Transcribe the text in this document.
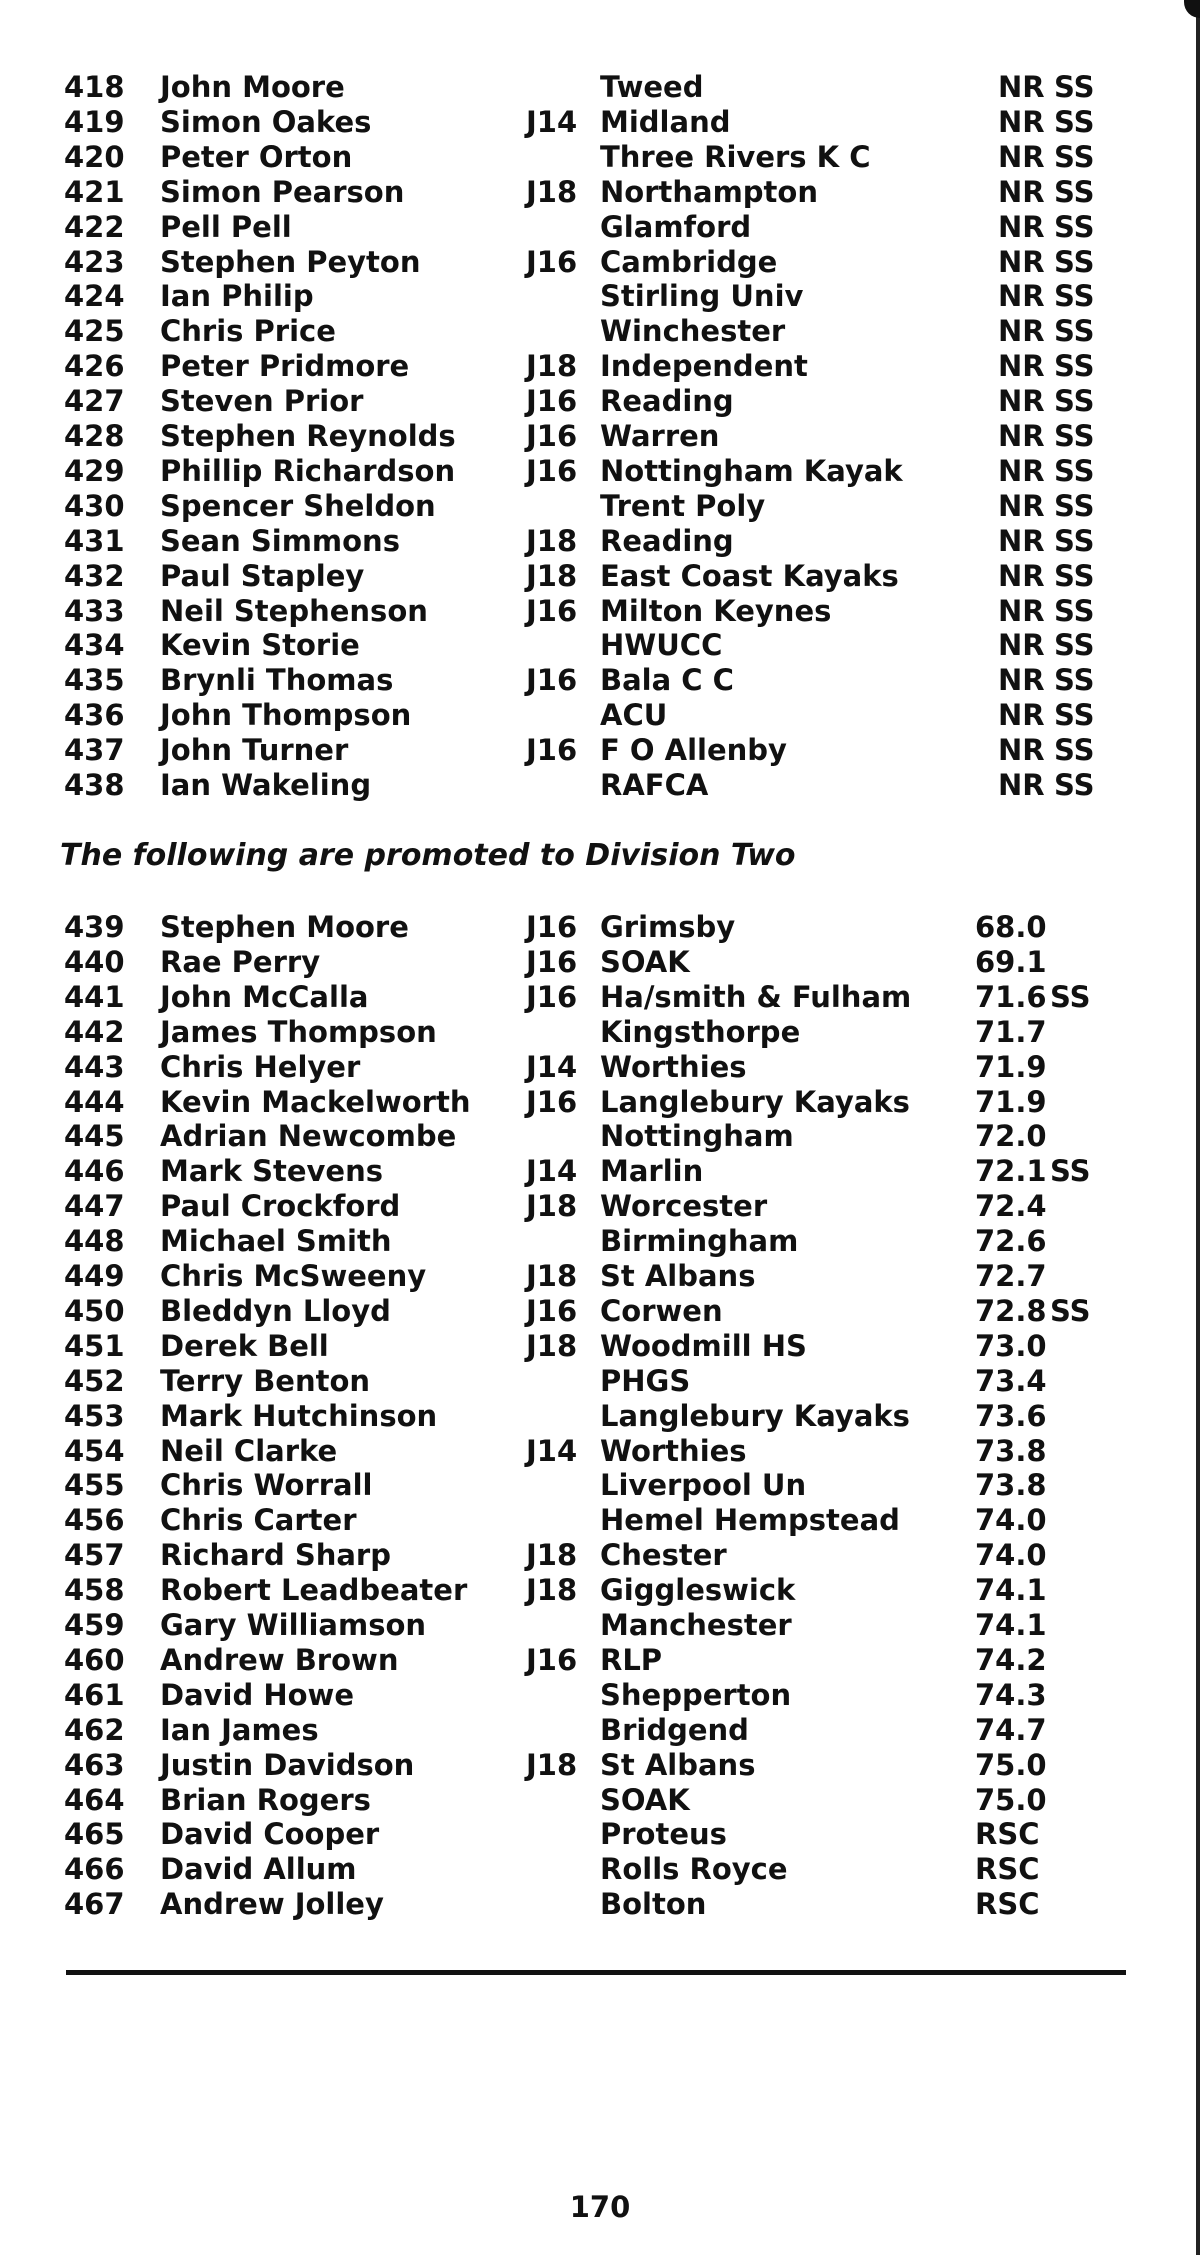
418 John Moore	Tweed	NR SS
419 Simon Oakes	J14 Midland	NR SS
420 Peter Orton	Three Rivers K C	NR SS
421 Simon Pearson	J18 Northampton	NR SS
422 Pell Pell	Glamford	NR SS
423 Stephen Peyton	J16 Cambridge	NR SS
424 Ian Philip	Stirling Univ	NR SS
425 Chris Price	Winchester	NR SS
426 Peter Pridmore	J18 Independent	NR SS
427 Steven Prior	J16 Reading	NR SS
428 Stephen Reynolds J16 Warren	NR SS
429 Phillip Richardson J16 Nottingham Kayak	NR SS
430 Spencer Sheldon	Trent Poly	NR SS
431 Sean Simmons	J18 Reading	NR SS
432 Paul Stapley	J18 East Coast Kayaks	NR SS
433 Neil Stephenson	J16 Milton Keynes	NR SS
434 Kevin Storie	HWUCC	NR SS
435 Brynli Thomas	J16 Bala C C	NR SS
436 John Thompson	ACU	NR SS
437 John Turner	J16 F O Allenby	NR SS
438 Ian Wakeling	RAFCA	NR SS
The following are promoted to Division Two
439 Stephen Moore	J16 Grimsby	68.0
440 Rae Perry	J16 SOAK	69.1
441 John McCalla	J16 Ha/smith & Fulham 71.6 SS
442 James Thompson	Kingsthorpe	71.7
443 Chris Helyer	J14 Worthies	71.9
444 Kevin Mackelworth J16 Langlebury Kayaks 71.9
445 Adrian Newcombe	Nottingham	72.0
446 Mark Stevens	J14 Marlin	72.1 SS
447 Paul Crockford	J18 Worcester	72.4
448 Michael Smith	Birmingham	72.6
449 Chris McSweeny	J18 St Albans	72.7
450 Bleddyn Lloyd	J16 Corwen	72.8 SS
451 Derek Bell	J18 Woodmill HS	73.0
452 Terry Benton	PHGS	73.4
453 Mark Hutchinson	Langlebury Kayaks 73.6
454 Neil Clarke	J14 Worthies	73.8
455 Chris Worrall	Liverpool Un	73.8
456 Chris Carter	Hemel Hempstead	74.0
457 Richard Sharp	J18 Chester	74.0
458 Robert Leadbeater J18 Giggleswick	74.1
459 Gary Williamson	Manchester	74.1
460 Andrew Brown	J16 RLP	74.2
461 David Howe	Shepperton	74.3
462 Ian James	Bridgend	74.7
463 Justin Davidson	J18 St Albans	75.0
464 Brian Rogers	SOAK	75.0
465 David Cooper	Proteus	RSC
466 David Allum	Rolls Royce	RSC
467 Andrew Jolley	Bolton	RSC
170
